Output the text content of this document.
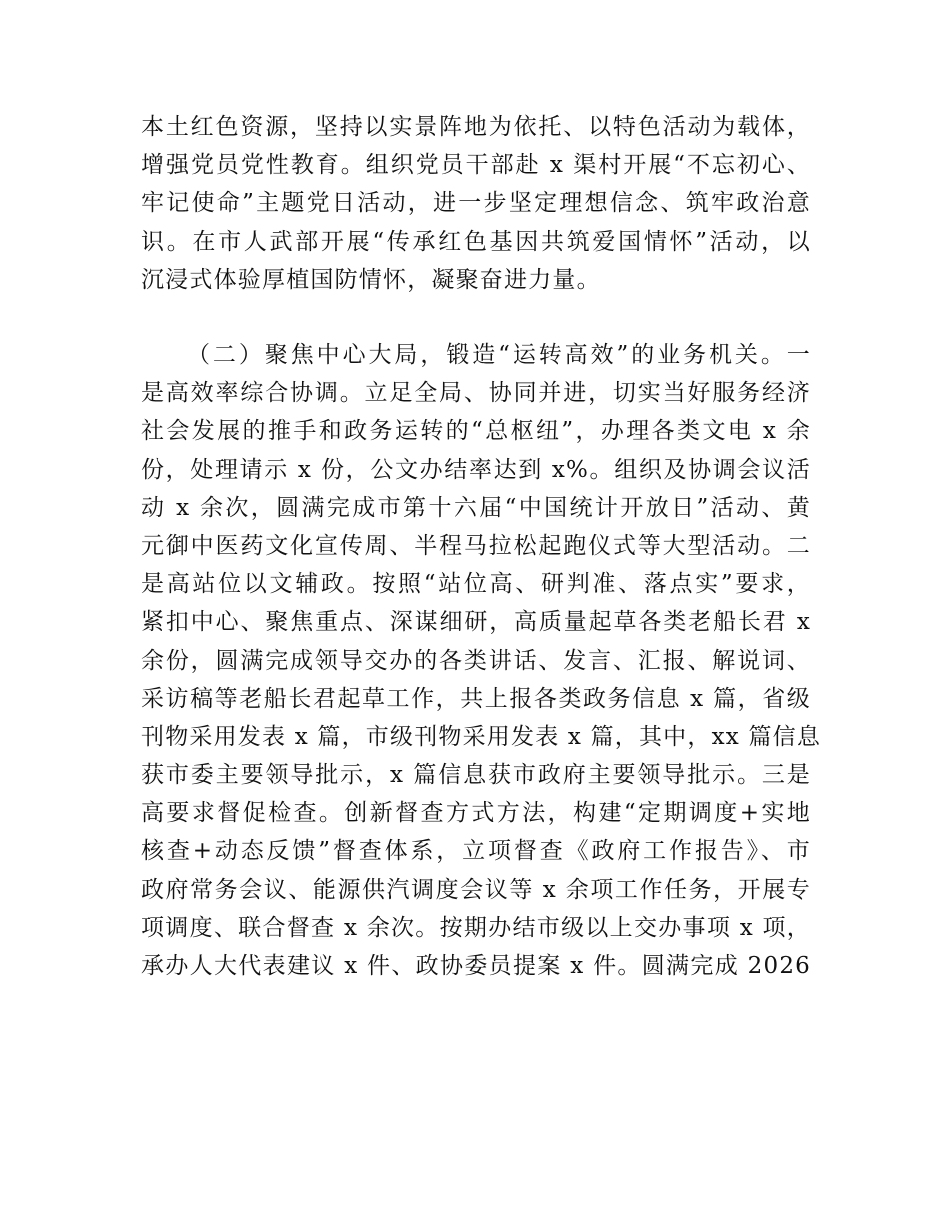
本土红色资源，坚持以实景阵地为依托、以特色活动为载体，
增强党员党性教育。组织党员干部赴 x 渠村开展“不忘初心、
牢记使命”主题党日活动，进一步坚定理想信念、筑牢政治意
识。在市人武部开展“传承红色基因共筑爱国情怀”活动，以
沉浸式体验厚植国防情怀，凝聚奋进力量。
（二）聚焦中心大局，锻造“运转高效”的业务机关。一
是高效率综合协调。立足全局、协同并进，切实当好服务经济
社会发展的推手和政务运转的“总枢纽”，办理各类文电 x 余
份，处理请示 x 份，公文办结率达到 x%。组织及协调会议活
动 x 余次，圆满完成市第十六届“中国统计开放日”活动、黄
元御中医药文化宣传周、半程马拉松起跑仪式等大型活动。二
是高站位以文辅政。按照“站位高、研判准、落点实”要求，
紧扣中心、聚焦重点、深谋细研，高质量起草各类老船长君 x
余份，圆满完成领导交办的各类讲话、发言、汇报、解说词、
采访稿等老船长君起草工作，共上报各类政务信息 x 篇，省级
刊物采用发表 x 篇，市级刊物采用发表 x 篇，其中，xx 篇信息
获市委主要领导批示，x 篇信息获市政府主要领导批示。三是
高要求督促检查。创新督查方式方法，构建“定期调度+实地
核查+动态反馈”督查体系，立项督查《政府工作报告》、市
政府常务会议、能源供汽调度会议等 x 余项工作任务，开展专
项调度、联合督查 x 余次。按期办结市级以上交办事项 x 项，
承办人大代表建议 x 件、政协委员提案 x 件。圆满完成 2026
